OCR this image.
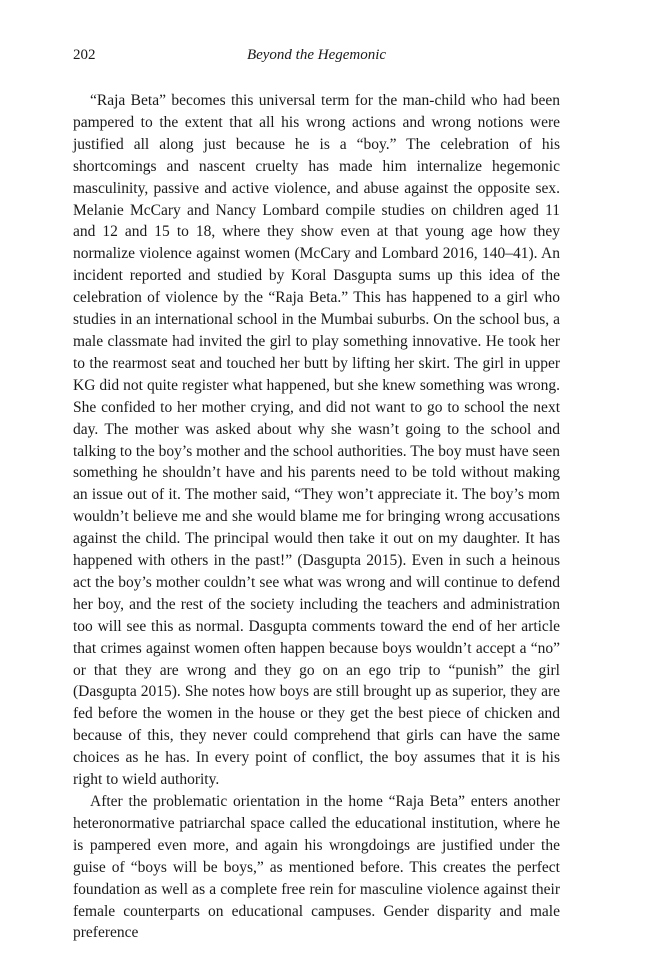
202	Beyond the Hegemonic

“Raja Beta” becomes this universal term for the man-child who had been pampered to the extent that all his wrong actions and wrong notions were justified all along just because he is a “boy.” The celebration of his shortcomings and nascent cruelty has made him internalize hegemonic masculinity, passive and active violence, and abuse against the opposite sex. Melanie McCary and Nancy Lombard compile studies on children aged 11 and 12 and 15 to 18, where they show even at that young age how they normalize violence against women (McCary and Lombard 2016, 140–41). An incident reported and studied by Koral Dasgupta sums up this idea of the celebration of violence by the “Raja Beta.” This has happened to a girl who studies in an international school in the Mumbai suburbs. On the school bus, a male classmate had invited the girl to play something innovative. He took her to the rearmost seat and touched her butt by lifting her skirt. The girl in upper KG did not quite register what happened, but she knew something was wrong. She confided to her mother crying, and did not want to go to school the next day. The mother was asked about why she wasn’t going to the school and talking to the boy’s mother and the school authorities. The boy must have seen something he shouldn’t have and his parents need to be told without making an issue out of it. The mother said, “They won’t appreciate it. The boy’s mom wouldn’t believe me and she would blame me for bringing wrong accusations against the child. The principal would then take it out on my daughter. It has happened with others in the past!” (Dasgupta 2015). Even in such a heinous act the boy’s mother couldn’t see what was wrong and will continue to defend her boy, and the rest of the society including the teachers and administration too will see this as normal. Dasgupta comments toward the end of her article that crimes against women often happen because boys wouldn’t accept a “no” or that they are wrong and they go on an ego trip to “punish” the girl (Dasgupta 2015). She notes how boys are still brought up as superior, they are fed before the women in the house or they get the best piece of chicken and because of this, they never could comprehend that girls can have the same choices as he has. In every point of conflict, the boy assumes that it is his right to wield authority.

After the problematic orientation in the home “Raja Beta” enters another heteronormative patriarchal space called the educational institution, where he is pampered even more, and again his wrongdoings are justified under the guise of “boys will be boys,” as mentioned before. This creates the perfect foundation as well as a complete free rein for masculine violence against their female counterparts on educational campuses. Gender disparity and male preference
